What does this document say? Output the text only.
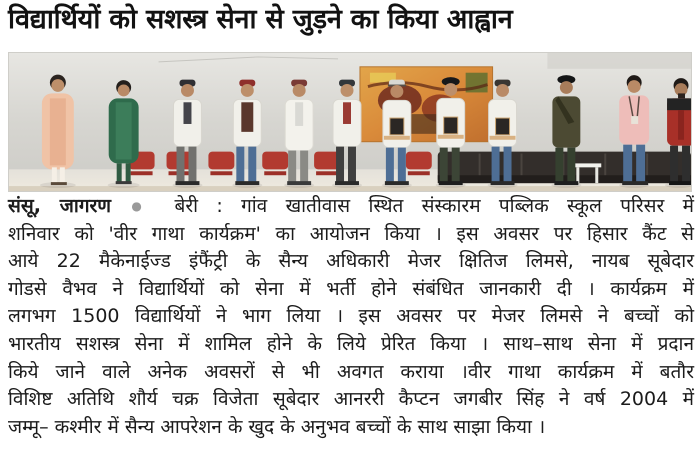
विद्यार्थियों को सशस्त्र सेना से जुड़ने का किया आह्वान
संसू, जागरण ● बेरी : गांव खातीवास स्थित संस्कारम पब्लिक स्कूल परिसर में
शनिवार को 'वीर गाथा कार्यक्रम' का आयोजन किया । इस अवसर पर हिसार कैंट से
आये 22 मैकेनाईज्ड इंफैंट्री के सैन्य अधिकारी मेजर क्षितिज लिमसे, नायब सूबेदार
गोडसे वैभव ने विद्यार्थियों को सेना में भर्ती होने संबंधित जानकारी दी । कार्यक्रम में
लगभग 1500 विद्यार्थियों ने भाग लिया । इस अवसर पर मेजर लिमसे ने बच्चों को
भारतीय सशस्त्र सेना में शामिल होने के लिये प्रेरित किया । साथ–साथ सेना में प्रदान
किये जाने वाले अनेक अवसरों से भी अवगत कराया ।वीर गाथा कार्यक्रम में बतौर
विशिष्ट अतिथि शौर्य चक्र विजेता सूबेदार आनररी कैप्टन जगबीर सिंह ने वर्ष 2004 में
जम्मू– कश्मीर में सैन्य आपरेशन के खुद के अनुभव बच्चों के साथ साझा किया ।
